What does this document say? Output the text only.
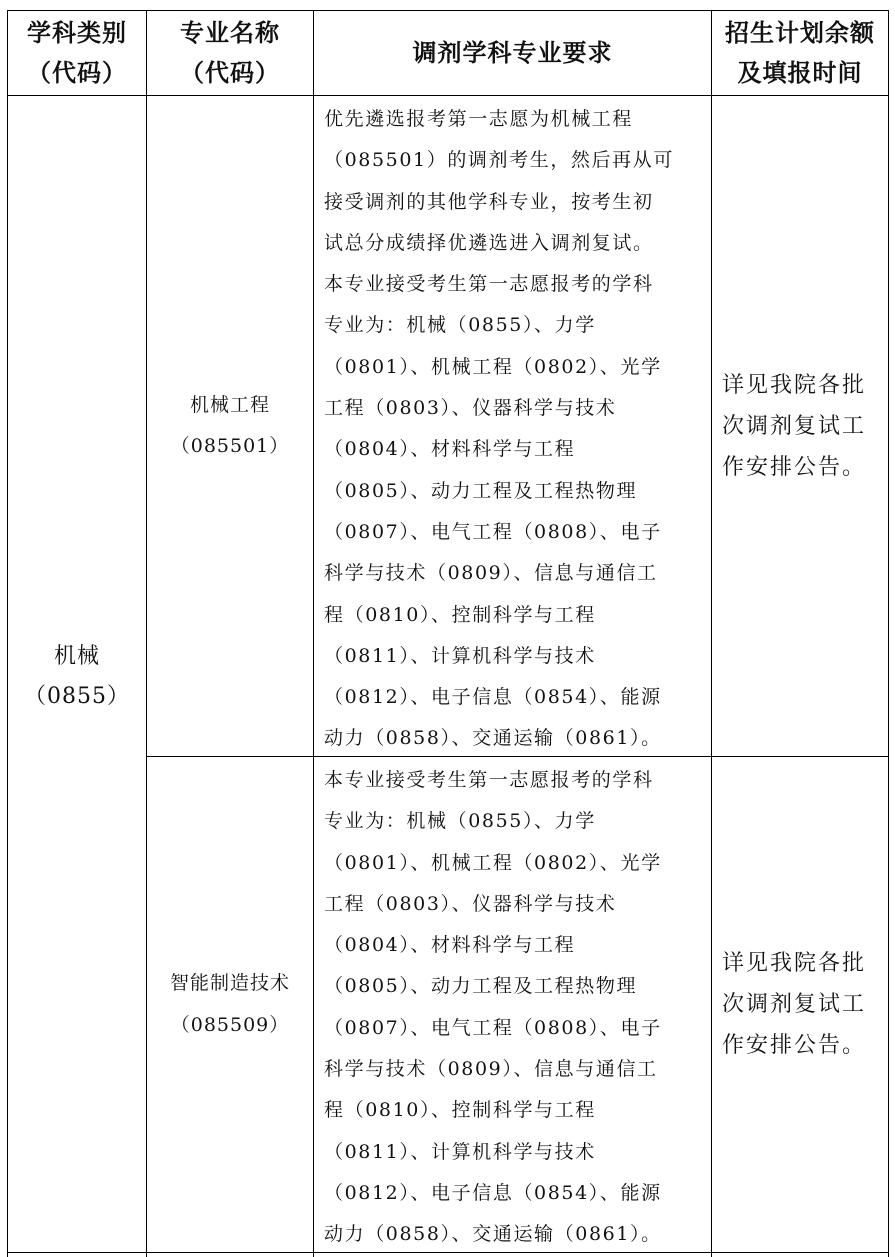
学科类别
（代码）
专业名称
（代码）
调剂学科专业要求
招生计划余额
及填报时间
机械
（0855）
机械工程
（085501）
优先遴选报考第一志愿为机械工程
（085501）的调剂考生，然后再从可
接受调剂的其他学科专业，按考生初
试总分成绩择优遴选进入调剂复试。
本专业接受考生第一志愿报考的学科
专业为：机械（0855）、力学
（0801）、机械工程（0802）、光学
工程（0803）、仪器科学与技术
（0804）、材料科学与工程
（0805）、动力工程及工程热物理
（0807）、电气工程（0808）、电子
科学与技术（0809）、信息与通信工
程（0810）、控制科学与工程
（0811）、计算机科学与技术
（0812）、电子信息（0854）、能源
动力（0858）、交通运输（0861）。
详见我院各批
次调剂复试工
作安排公告。
智能制造技术
（085509）
本专业接受考生第一志愿报考的学科
专业为：机械（0855）、力学
（0801）、机械工程（0802）、光学
工程（0803）、仪器科学与技术
（0804）、材料科学与工程
（0805）、动力工程及工程热物理
（0807）、电气工程（0808）、电子
科学与技术（0809）、信息与通信工
程（0810）、控制科学与工程
（0811）、计算机科学与技术
（0812）、电子信息（0854）、能源
动力（0858）、交通运输（0861）。
详见我院各批
次调剂复试工
作安排公告。
